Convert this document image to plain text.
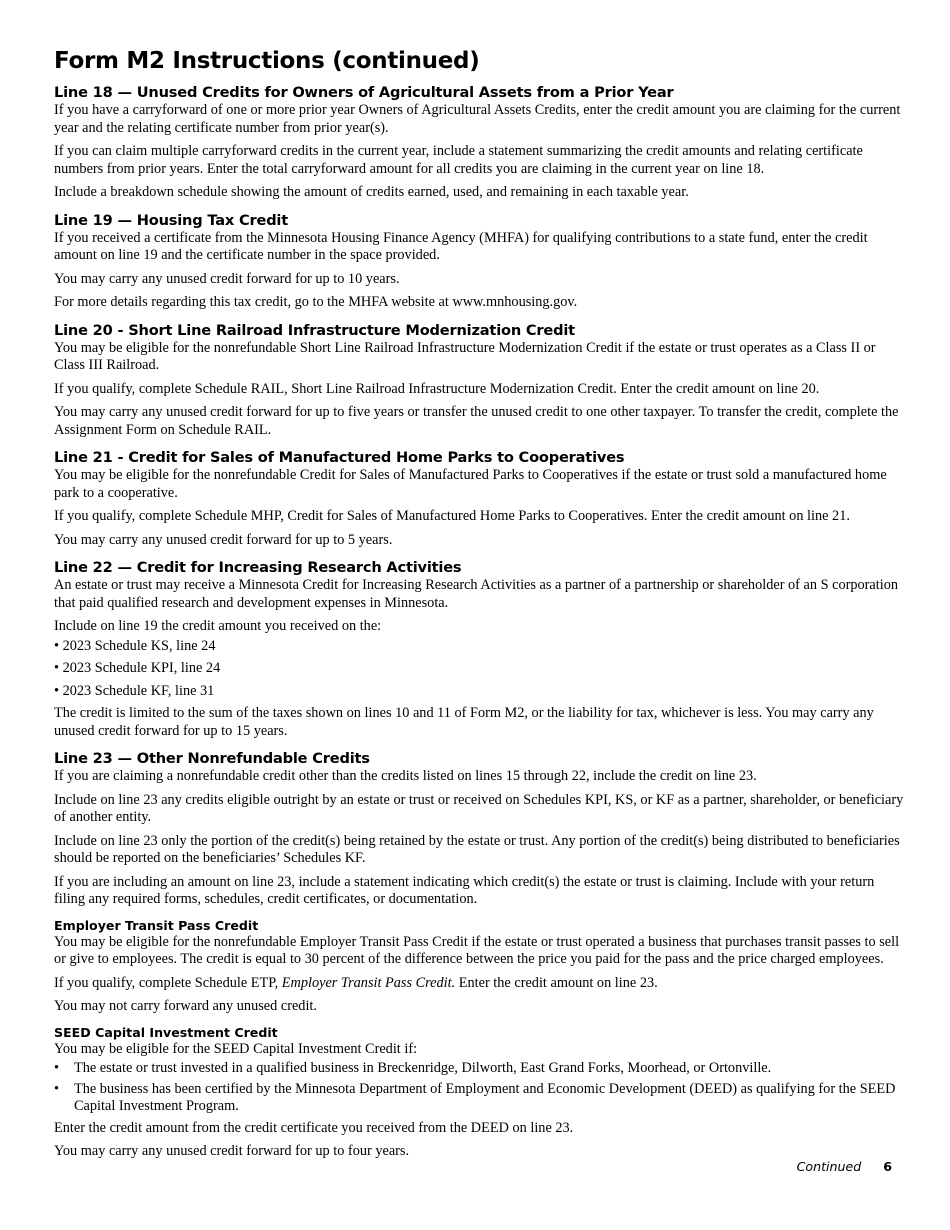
Form M2 Instructions (continued)
Line 18 — Unused Credits for Owners of Agricultural Assets from a Prior Year

If you have a carryforward of one or more prior year Owners of Agricultural Assets Credits, enter the credit amount you are claiming for the current year and the relating certificate number from prior year(s).

If you can claim multiple carryforward credits in the current year, include a statement summarizing the credit amounts and relating certificate numbers from prior years. Enter the total carryforward amount for all credits you are claiming in the current year on line 18.

Include a breakdown schedule showing the amount of credits earned, used, and remaining in each taxable year.

Line 19 — Housing Tax Credit

If you received a certificate from the Minnesota Housing Finance Agency (MHFA) for qualifying contributions to a state fund, enter the credit amount on line 19 and the certificate number in the space provided.

You may carry any unused credit forward for up to 10 years.

For more details regarding this tax credit, go to the MHFA website at www.mnhousing.gov.

Line 20 - Short Line Railroad Infrastructure Modernization Credit

You may be eligible for the nonrefundable Short Line Railroad Infrastructure Modernization Credit if the estate or trust operates as a Class II or Class III Railroad.

If you qualify, complete Schedule RAIL, Short Line Railroad Infrastructure Modernization Credit. Enter the credit amount on line 20.

You may carry any unused credit forward for up to five years or transfer the unused credit to one other taxpayer. To transfer the credit, complete the Assignment Form on Schedule RAIL.

Line 21 - Credit for Sales of Manufactured Home Parks to Cooperatives

You may be eligible for the nonrefundable Credit for Sales of Manufactured Parks to Cooperatives if the estate or trust sold a manufactured home park to a cooperative.

If you qualify, complete Schedule MHP, Credit for Sales of Manufactured Home Parks to Cooperatives. Enter the credit amount on line 21.

You may carry any unused credit forward for up to 5 years.

Line 22 — Credit for Increasing Research Activities

An estate or trust may receive a Minnesota Credit for Increasing Research Activities as a partner of a partnership or shareholder of an S corporation that paid qualified research and development expenses in Minnesota.

Include on line 19 the credit amount you received on the:

• 2023 Schedule KS, line 24

• 2023 Schedule KPI, line 24

• 2023 Schedule KF, line 31

The credit is limited to the sum of the taxes shown on lines 10 and 11 of Form M2, or the liability for tax, whichever is less. You may carry any unused credit forward for up to 15 years.

Line 23 — Other Nonrefundable Credits

If you are claiming a nonrefundable credit other than the credits listed on lines 15 through 22, include the credit on line 23.

Include on line 23 any credits eligible outright by an estate or trust or received on Schedules KPI, KS, or KF as a partner, shareholder, or beneficiary of another entity.

Include on line 23 only the portion of the credit(s) being retained by the estate or trust. Any portion of the credit(s) being distributed to beneficiaries should be reported on the beneficiaries’ Schedules KF.

If you are including an amount on line 23, include a statement indicating which credit(s) the estate or trust is claiming. Include with your return filing any required forms, schedules, credit certificates, or documentation.

Employer Transit Pass Credit

You may be eligible for the nonrefundable Employer Transit Pass Credit if the estate or trust operated a business that purchases transit passes to sell or give to employees. The credit is equal to 30 percent of the difference between the price you paid for the pass and the price charged employees.

If you qualify, complete Schedule ETP, Employer Transit Pass Credit. Enter the credit amount on line 23.

You may not carry forward any unused credit.

SEED Capital Investment Credit

You may be eligible for the SEED Capital Investment Credit if:

• The estate or trust invested in a qualified business in Breckenridge, Dilworth, East Grand Forks, Moorhead, or Ortonville.
• The business has been certified by the Minnesota Department of Employment and Economic Development (DEED) as qualifying for the SEED Capital Investment Program.

Enter the credit amount from the credit certificate you received from the DEED on line 23.

You may carry any unused credit forward for up to four years.

Continued 6
